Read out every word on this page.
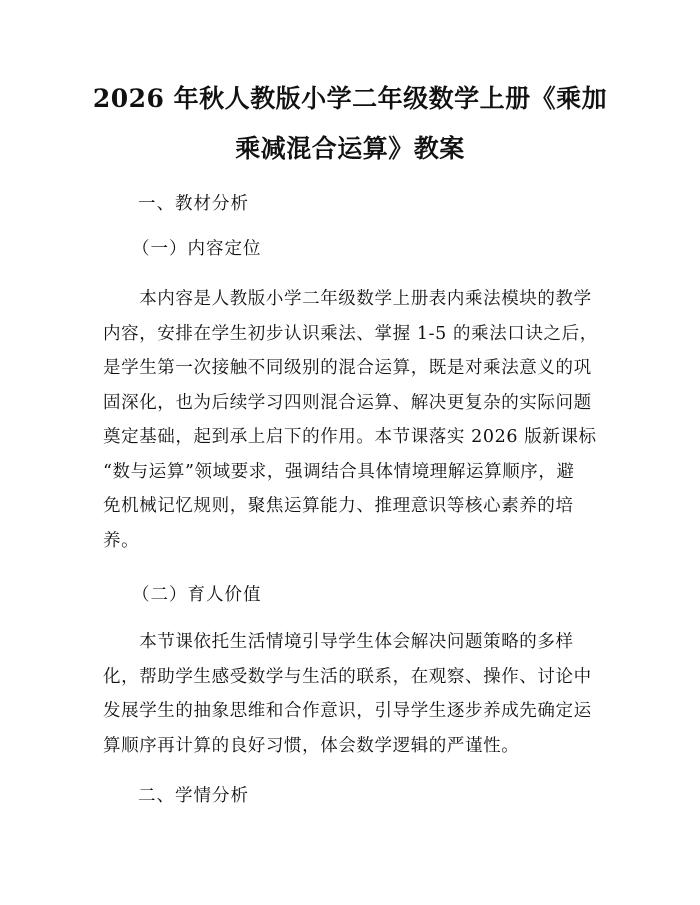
2026 年秋人教版小学二年级数学上册《乘加
乘减混合运算》教案
一、教材分析
（一）内容定位
　　本内容是人教版小学二年级数学上册表内乘法模块的教学
内容，安排在学生初步认识乘法、掌握 1-5 的乘法口诀之后，
是学生第一次接触不同级别的混合运算，既是对乘法意义的巩
固深化，也为后续学习四则混合运算、解决更复杂的实际问题
奠定基础，起到承上启下的作用。本节课落实 2026 版新课标
“数与运算”领域要求，强调结合具体情境理解运算顺序，避
免机械记忆规则，聚焦运算能力、推理意识等核心素养的培
养。
（二）育人价值
　　本节课依托生活情境引导学生体会解决问题策略的多样
化，帮助学生感受数学与生活的联系，在观察、操作、讨论中
发展学生的抽象思维和合作意识，引导学生逐步养成先确定运
算顺序再计算的良好习惯，体会数学逻辑的严谨性。
二、学情分析
